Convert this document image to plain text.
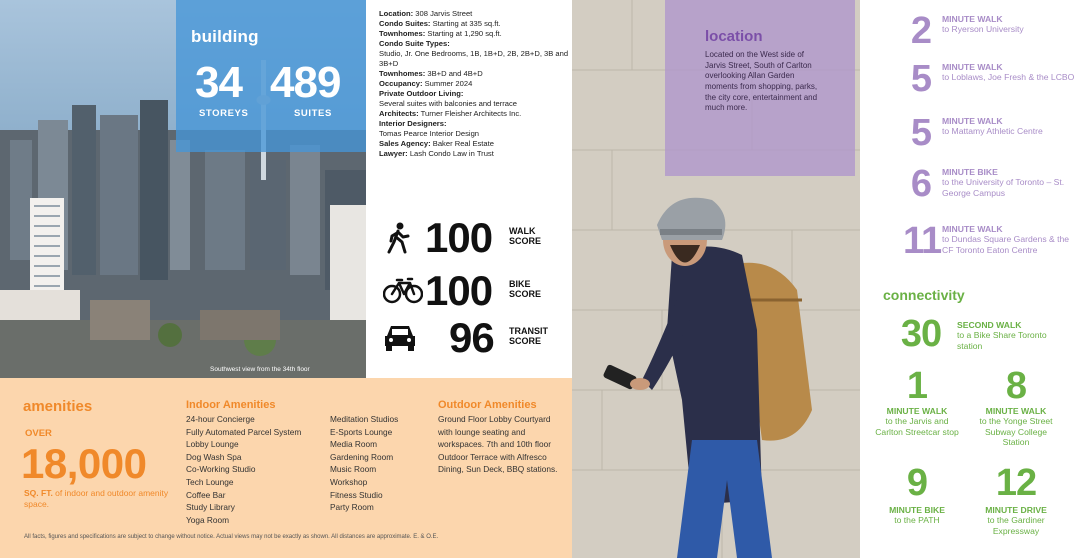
building
34
STOREYS
489
SUITES
Southwest view from the 34th floor
Location: 308 Jarvis Street
Condo Suites: Starting at 335 sq.ft.
Townhomes: Starting at 1,290 sq.ft.
Condo Suite Types:
Studio, Jr. One Bedrooms, 1B, 1B+D, 2B, 2B+D, 3B and 3B+D
Townhomes: 3B+D and 4B+D
Occupancy: Summer 2024
Private Outdoor Living:
Several suites with balconies and terrace
Architects: Turner Fleisher Architects Inc.
Interior Designers:
Tomas Pearce Interior Design
Sales Agency: Baker Real Estate
Lawyer: Lash Condo Law in Trust
100 WALK
SCORE
100 BIKE
SCORE
96 TRANSIT
SCORE
amenities
OVER
18,000
SQ. FT. of indoor and outdoor amenity space.
Indoor Amenities
24-hour Concierge
Fully Automated Parcel System
Lobby Lounge
Dog Wash Spa
Co-Working Studio
Tech Lounge
Coffee Bar
Study Library
Yoga Room
Meditation Studios
E-Sports Lounge
Media Room
Gardening Room
Music Room
Workshop
Fitness Studio
Party Room
Outdoor Amenities
Ground Floor Lobby Courtyard with lounge seating and workspaces. 7th and 10th floor Outdoor Terrace with Alfresco Dining, Sun Deck, BBQ stations.
All facts, figures and specifications are subject to change without notice. Actual views may not be exactly as shown. All distances are approximate. E. & O.E.
location
Located on the West side of Jarvis Street, South of Carlton overlooking Allan Garden moments from shopping, parks, the city core, entertainment and much more.
2	MINUTE WALK
to Ryerson University
5	MINUTE WALK
to Loblaws, Joe Fresh & the LCBO
5	MINUTE WALK
to Mattamy Athletic Centre
6	MINUTE BIKE
to the University of Toronto – St. George Campus
11 MINUTE WALK
to Dundas Square Gardens & the CF Toronto Eaton Centre
connectivity
30	SECOND WALK
to a Bike Share Toronto station
1
MINUTE WALK
to the Jarvis and Carlton Streetcar stop
8
MINUTE WALK
to the Yonge Street Subway College Station
9
MINUTE BIKE
to the PATH
12
MINUTE DRIVE
to the Gardiner Expressway
